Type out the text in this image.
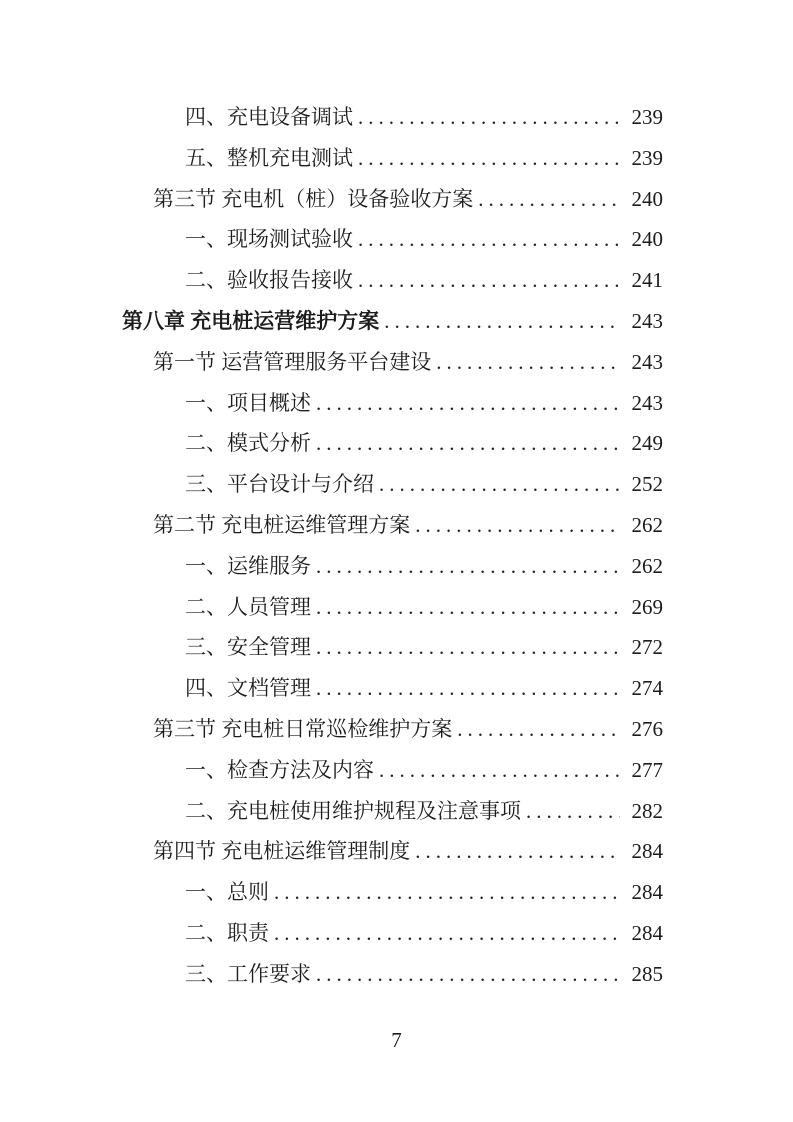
四、充电设备调试 .....	239
五、整机充电测试 .....	239
第三节 充电机（桩）设备验收方案 .....	240
一、现场测试验收 .....	240
二、验收报告接收 .....	241
第八章 充电桩运营维护方案 .....	243
第一节 运营管理服务平台建设 .....	243
一、项目概述 .....	243
二、模式分析 .....	249
三、平台设计与介绍 .....	252
第二节 充电桩运维管理方案 .....	262
一、运维服务 .....	262
二、人员管理 .....	269
三、安全管理 .....	272
四、文档管理 .....	274
第三节 充电桩日常巡检维护方案 .....	276
一、检查方法及内容 .....	277
二、充电桩使用维护规程及注意事项 .....	282
第四节 充电桩运维管理制度 .....	284
一、总则 .....	284
二、职责 .....	284
三、工作要求 .....	285
7
